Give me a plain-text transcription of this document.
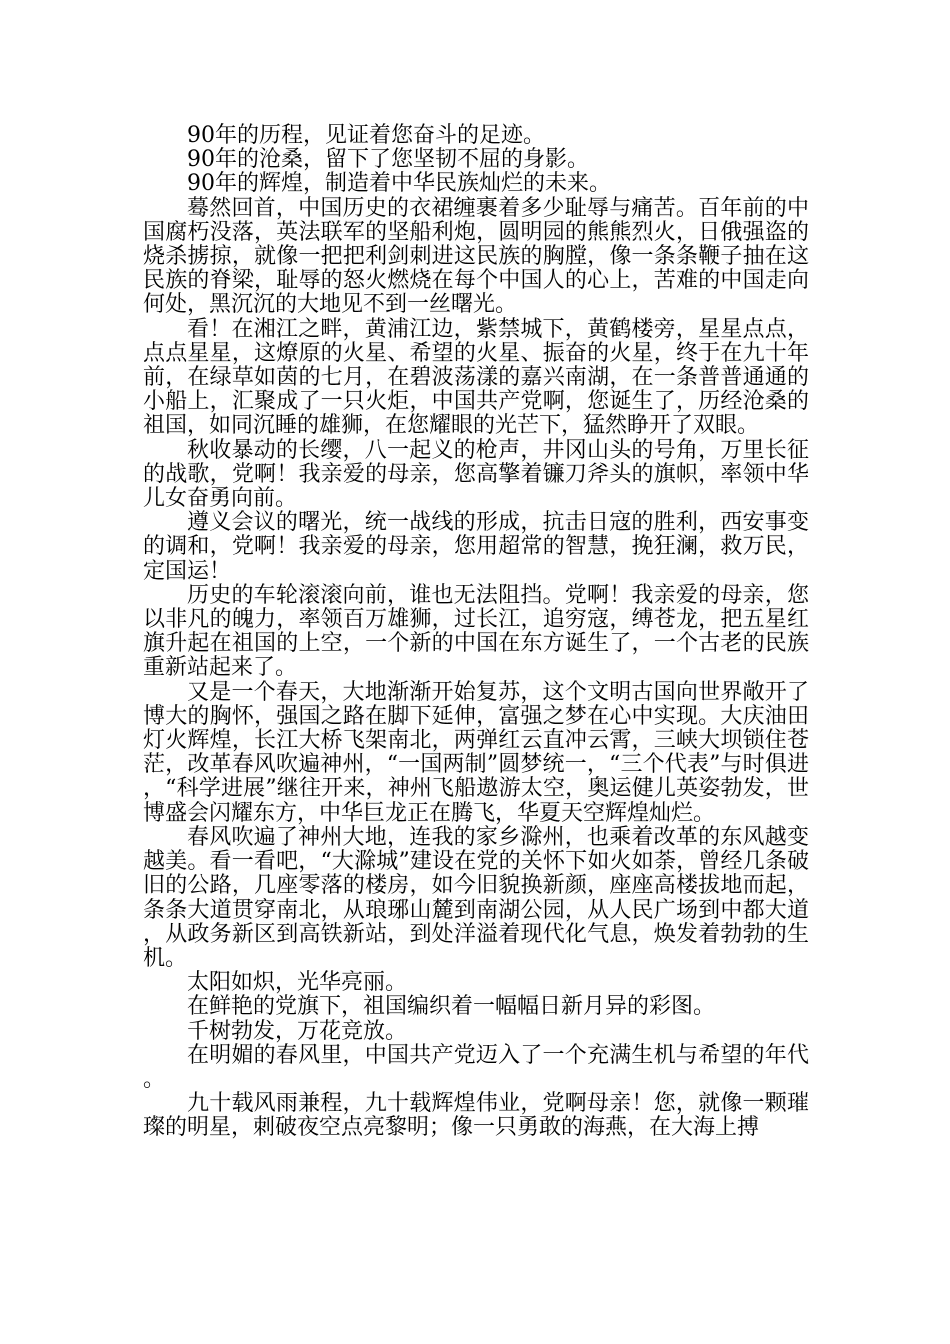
90年的历程，见证着您奋斗的足迹。

90年的沧桑，留下了您坚韧不屈的身影。

90年的辉煌，制造着中华民族灿烂的未来。

蓦然回首，中国历史的衣裙缠裹着多少耻辱与痛苦。百年前的中国腐朽没落，英法联军的坚船利炮，圆明园的熊熊烈火，日俄强盗的烧杀掳掠，就像一把把利剑刺进这民族的胸膛，像一条条鞭子抽在这民族的脊梁，耻辱的怒火燃烧在每个中国人的心上，苦难的中国走向何处，黑沉沉的大地见不到一丝曙光。

看！在湘江之畔，黄浦江边，紫禁城下，黄鹤楼旁，星星点点，点点星星，这燎原的火星、希望的火星、振奋的火星，终于在九十年前，在绿草如茵的七月，在碧波荡漾的嘉兴南湖，在一条普普通通的小船上，汇聚成了一只火炬，中国共产党啊，您诞生了，历经沧桑的祖国，如同沉睡的雄狮，在您耀眼的光芒下，猛然睁开了双眼。

秋收暴动的长缨，八一起义的枪声，井冈山头的号角，万里长征的战歌，党啊！我亲爱的母亲，您高擎着镰刀斧头的旗帜，率领中华儿女奋勇向前。

遵义会议的曙光，统一战线的形成，抗击日寇的胜利，西安事变的调和，党啊！我亲爱的母亲，您用超常的智慧，挽狂澜，救万民，定国运！

历史的车轮滚滚向前，谁也无法阻挡。党啊！我亲爱的母亲，您以非凡的魄力，率领百万雄狮，过长江，追穷寇，缚苍龙，把五星红旗升起在祖国的上空，一个新的中国在东方诞生了，一个古老的民族重新站起来了。

又是一个春天，大地渐渐开始复苏，这个文明古国向世界敞开了博大的胸怀，强国之路在脚下延伸，富强之梦在心中实现。大庆油田灯火辉煌，长江大桥飞架南北，两弹红云直冲云霄，三峡大坝锁住苍茫，改革春风吹遍神州，“一国两制”圆梦统一，“三个代表”与时俱进，“科学进展”继往开来，神州飞船遨游太空，奥运健儿英姿勃发，世博盛会闪耀东方，中华巨龙正在腾飞，华夏天空辉煌灿烂。

春风吹遍了神州大地，连我的家乡滁州，也乘着改革的东风越变越美。看一看吧，“大滁城”建设在党的关怀下如火如荼，曾经几条破旧的公路，几座零落的楼房，如今旧貌换新颜，座座高楼拔地而起，条条大道贯穿南北，从琅琊山麓到南湖公园，从人民广场到中都大道，从政务新区到高铁新站，到处洋溢着现代化气息，焕发着勃勃的生机。

太阳如炽，光华亮丽。

在鲜艳的党旗下，祖国编织着一幅幅日新月异的彩图。

千树勃发，万花竞放。

在明媚的春风里，中国共产党迈入了一个充满生机与希望的年代。

九十载风雨兼程，九十载辉煌伟业，党啊母亲！您，就像一颗璀璨的明星，刺破夜空点亮黎明；像一只勇敢的海燕，在大海上搏
